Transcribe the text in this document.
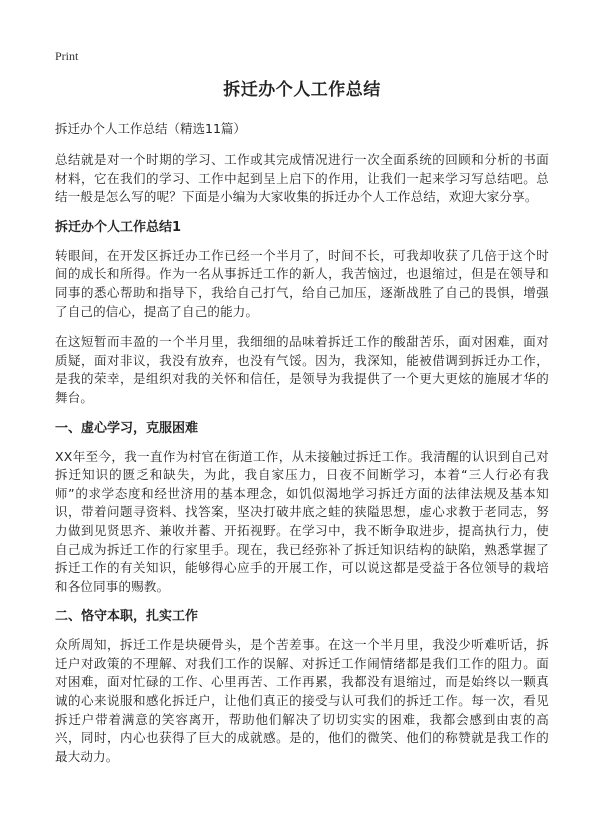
Print
拆迁办个人工作总结
拆迁办个人工作总结（精选11篇）

总结就是对一个时期的学习、工作或其完成情况进行一次全面系统的回顾和分析的书面材料，它在我们的学习、工作中起到呈上启下的作用，让我们一起来学习写总结吧。总结一般是怎么写的呢？下面是小编为大家收集的拆迁办个人工作总结，欢迎大家分享。

拆迁办个人工作总结1

转眼间，在开发区拆迁办工作已经一个半月了，时间不长，可我却收获了几倍于这个时间的成长和所得。作为一名从事拆迁工作的新人，我苦恼过，也退缩过，但是在领导和同事的悉心帮助和指导下，我给自己打气，给自己加压，逐渐战胜了自己的畏惧，增强了自己的信心，提高了自己的能力。

在这短暂而丰盈的一个半月里，我细细的品味着拆迁工作的酸甜苦乐，面对困难，面对质疑，面对非议，我没有放弃，也没有气馁。因为，我深知，能被借调到拆迁办工作，是我的荣幸，是组织对我的关怀和信任，是领导为我提供了一个更大更炫的施展才华的舞台。

一、虚心学习，克服困难

XX年至今，我一直作为村官在街道工作，从未接触过拆迁工作。我清醒的认识到自己对拆迁知识的匮乏和缺失，为此，我自家压力，日夜不间断学习，本着“三人行必有我师”的求学态度和经世济用的基本理念，如饥似渴地学习拆迁方面的法律法规及基本知识，带着问题寻资料、找答案，坚决打破井底之蛙的狭隘思想，虚心求教于老同志，努力做到见贤思齐、兼收并蓄、开拓视野。在学习中，我不断争取进步，提高执行力，使自己成为拆迁工作的行家里手。现在，我已经弥补了拆迁知识结构的缺陷，熟悉掌握了拆迁工作的有关知识，能够得心应手的开展工作，可以说这都是受益于各位领导的栽培和各位同事的赐教。

二、恪守本职，扎实工作

众所周知，拆迁工作是块硬骨头，是个苦差事。在这一个半月里，我没少听难听话，拆迁户对政策的不理解、对我们工作的误解、对拆迁工作闹情绪都是我们工作的阻力。面对困难，面对忙碌的工作、心里再苦、工作再累，我都没有退缩过，而是始终以一颗真诚的心来说服和感化拆迁户，让他们真正的接受与认可我们的拆迁工作。每一次，看见拆迁户带着满意的笑容离开，帮助他们解决了切切实实的困难，我都会感到由衷的高兴，同时，内心也获得了巨大的成就感。是的，他们的微笑、他们的称赞就是我工作的最大动力。
